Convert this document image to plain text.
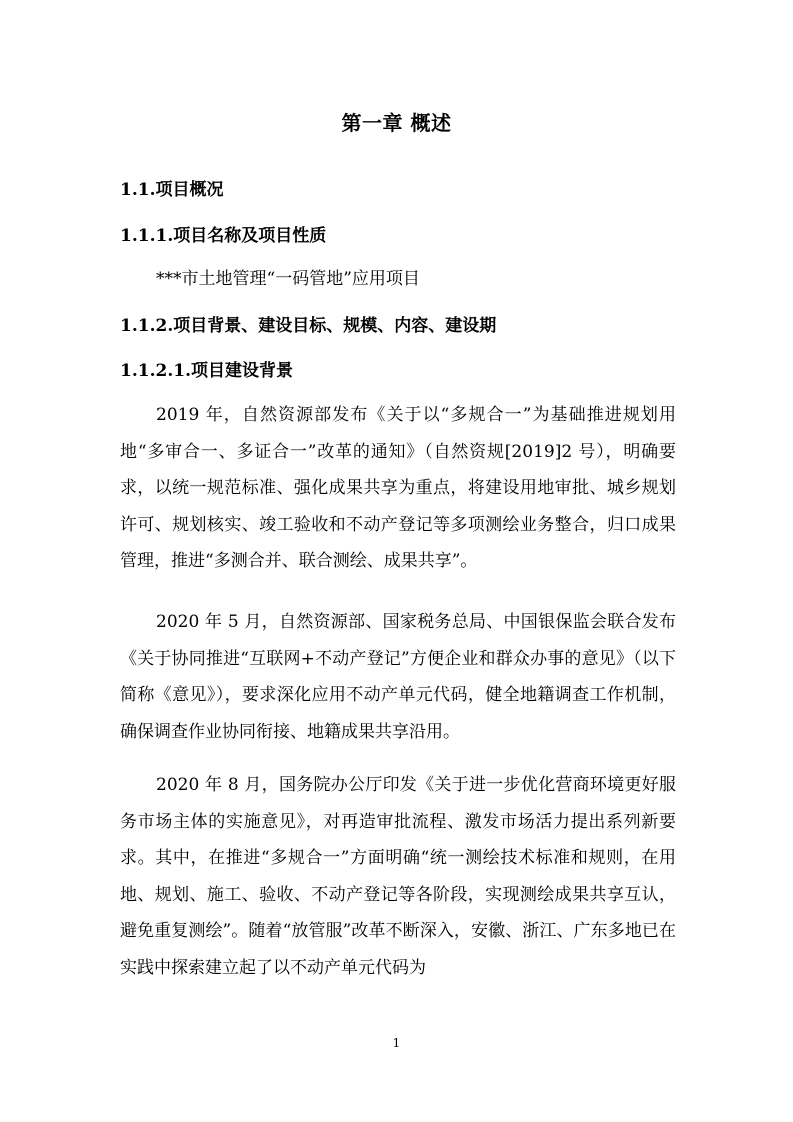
第一章 概述
1.1.项目概况
1.1.1.项目名称及项目性质
***市土地管理“一码管地”应用项目
1.1.2.项目背景、建设目标、规模、内容、建设期
1.1.2.1.项目建设背景

2019 年，自然资源部发布《关于以“多规合一”为基础推进规划用地“多审合一、多证合一”改革的通知》（自然资规[2019]2 号），明确要求，以统一规范标准、强化成果共享为重点，将建设用地审批、城乡规划许可、规划核实、竣工验收和不动产登记等多项测绘业务整合，归口成果管理，推进“多测合并、联合测绘、成果共享”。

2020 年 5 月，自然资源部、国家税务总局、中国银保监会联合发布《关于协同推进“互联网+不动产登记”方便企业和群众办事的意见》（以下简称《意见》），要求深化应用不动产单元代码，健全地籍调查工作机制，确保调查作业协同衔接、地籍成果共享沿用。

2020 年 8 月，国务院办公厅印发《关于进一步优化营商环境更好服务市场主体的实施意见》，对再造审批流程、激发市场活力提出系列新要求。其中，在推进“多规合一”方面明确“统一测绘技术标准和规则，在用地、规划、施工、验收、不动产登记等各阶段，实现测绘成果共享互认，避免重复测绘”。随着“放管服”改革不断深入，安徽、浙江、广东多地已在实践中探索建立起了以不动产单元代码为

1
